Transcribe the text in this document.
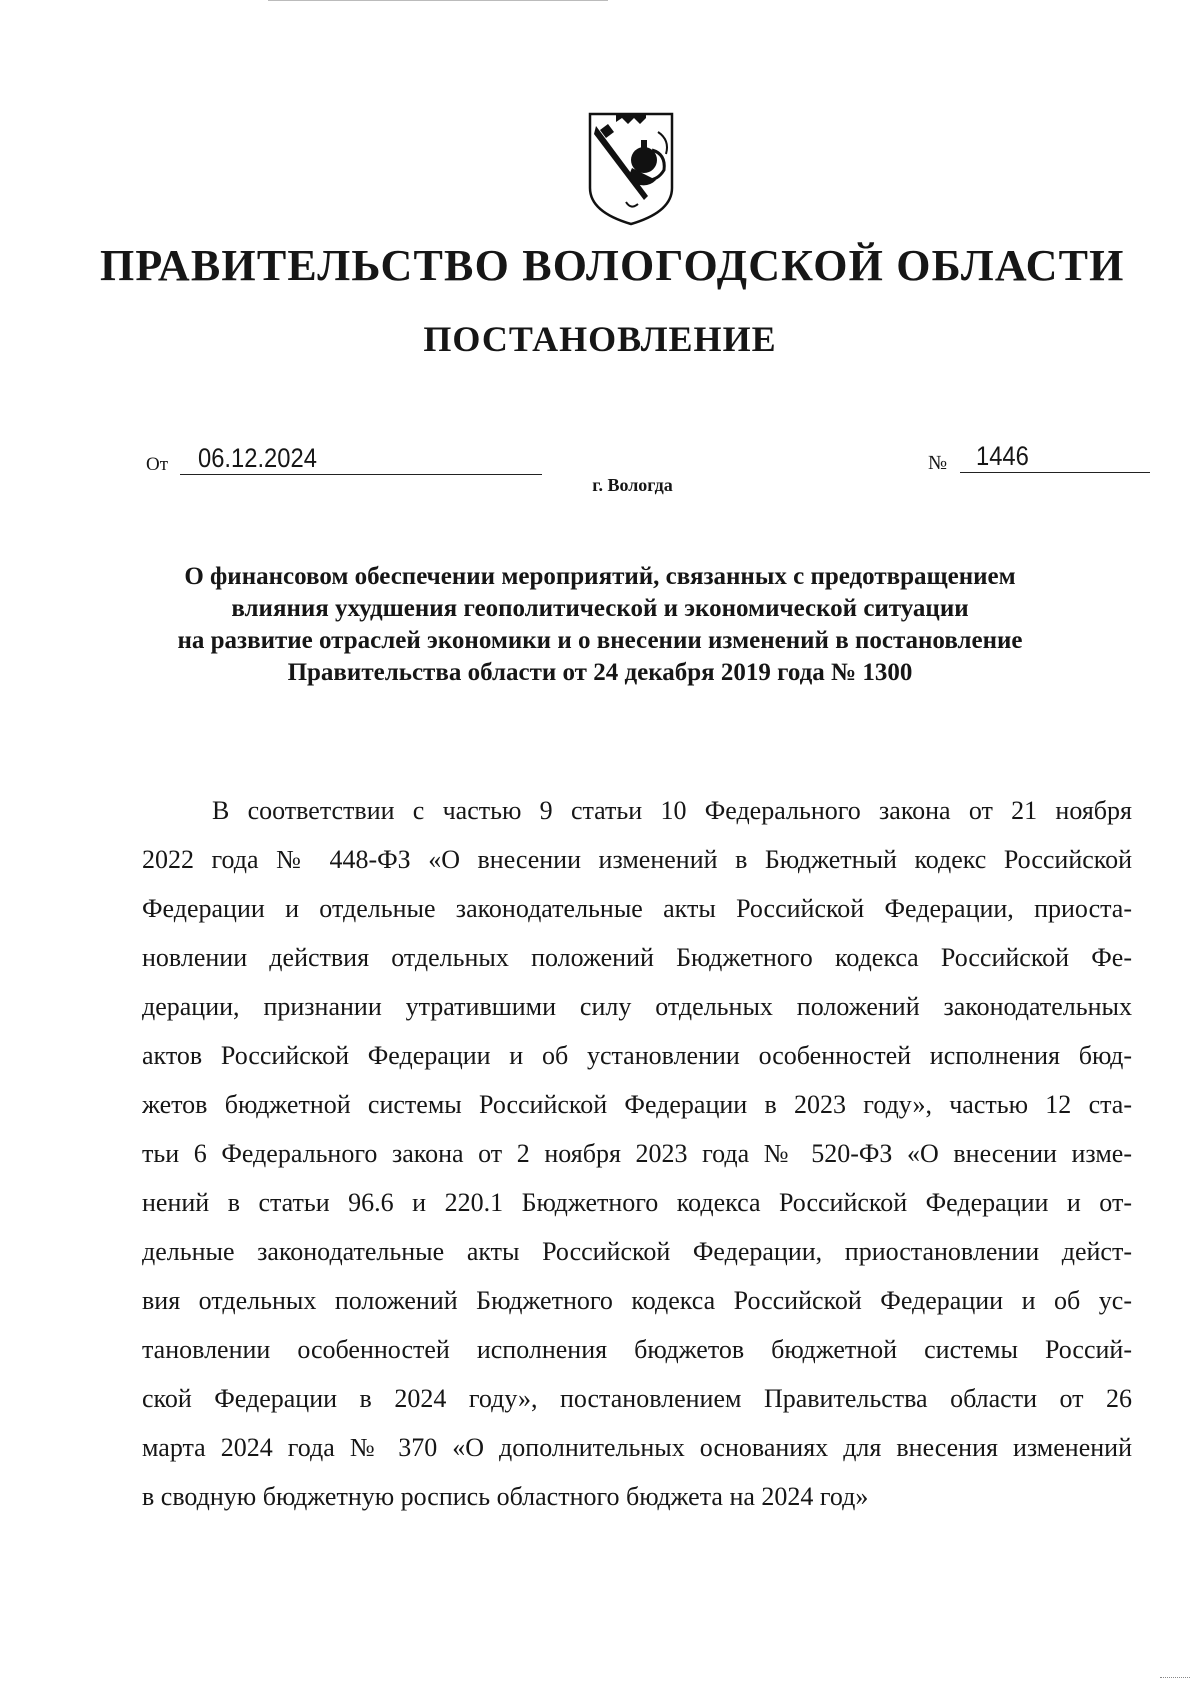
ПРАВИТЕЛЬСТВО ВОЛОГОДСКОЙ ОБЛАСТИ
ПОСТАНОВЛЕНИЕ
От 06.12.2024	№ 1446
г. Вологда
О финансовом обеспечении мероприятий, связанных с предотвращением
влияния ухудшения геополитической и экономической ситуации
на развитие отраслей экономики и о внесении изменений в постановление
Правительства области от 24 декабря 2019 года № 1300
В соответствии с частью 9 статьи 10 Федерального закона от 21 ноября
2022 года № 448-ФЗ «О внесении изменений в Бюджетный кодекс Российской
Федерации и отдельные законодательные акты Российской Федерации, приоста-
новлении действия отдельных положений Бюджетного кодекса Российской Фе-
дерации, признании утратившими силу отдельных положений законодательных
актов Российской Федерации и об установлении особенностей исполнения бюд-
жетов бюджетной системы Российской Федерации в 2023 году», частью 12 ста-
тьи 6 Федерального закона от 2 ноября 2023 года № 520-ФЗ «О внесении изме-
нений в статьи 96.6 и 220.1 Бюджетного кодекса Российской Федерации и от-
дельные законодательные акты Российской Федерации, приостановлении дейст-
вия отдельных положений Бюджетного кодекса Российской Федерации и об ус-
тановлении особенностей исполнения бюджетов бюджетной системы Россий-
ской Федерации в 2024 году», постановлением Правительства области от 26
марта 2024 года № 370 «О дополнительных основаниях для внесения изменений
в сводную бюджетную роспись областного бюджета на 2024 год»
